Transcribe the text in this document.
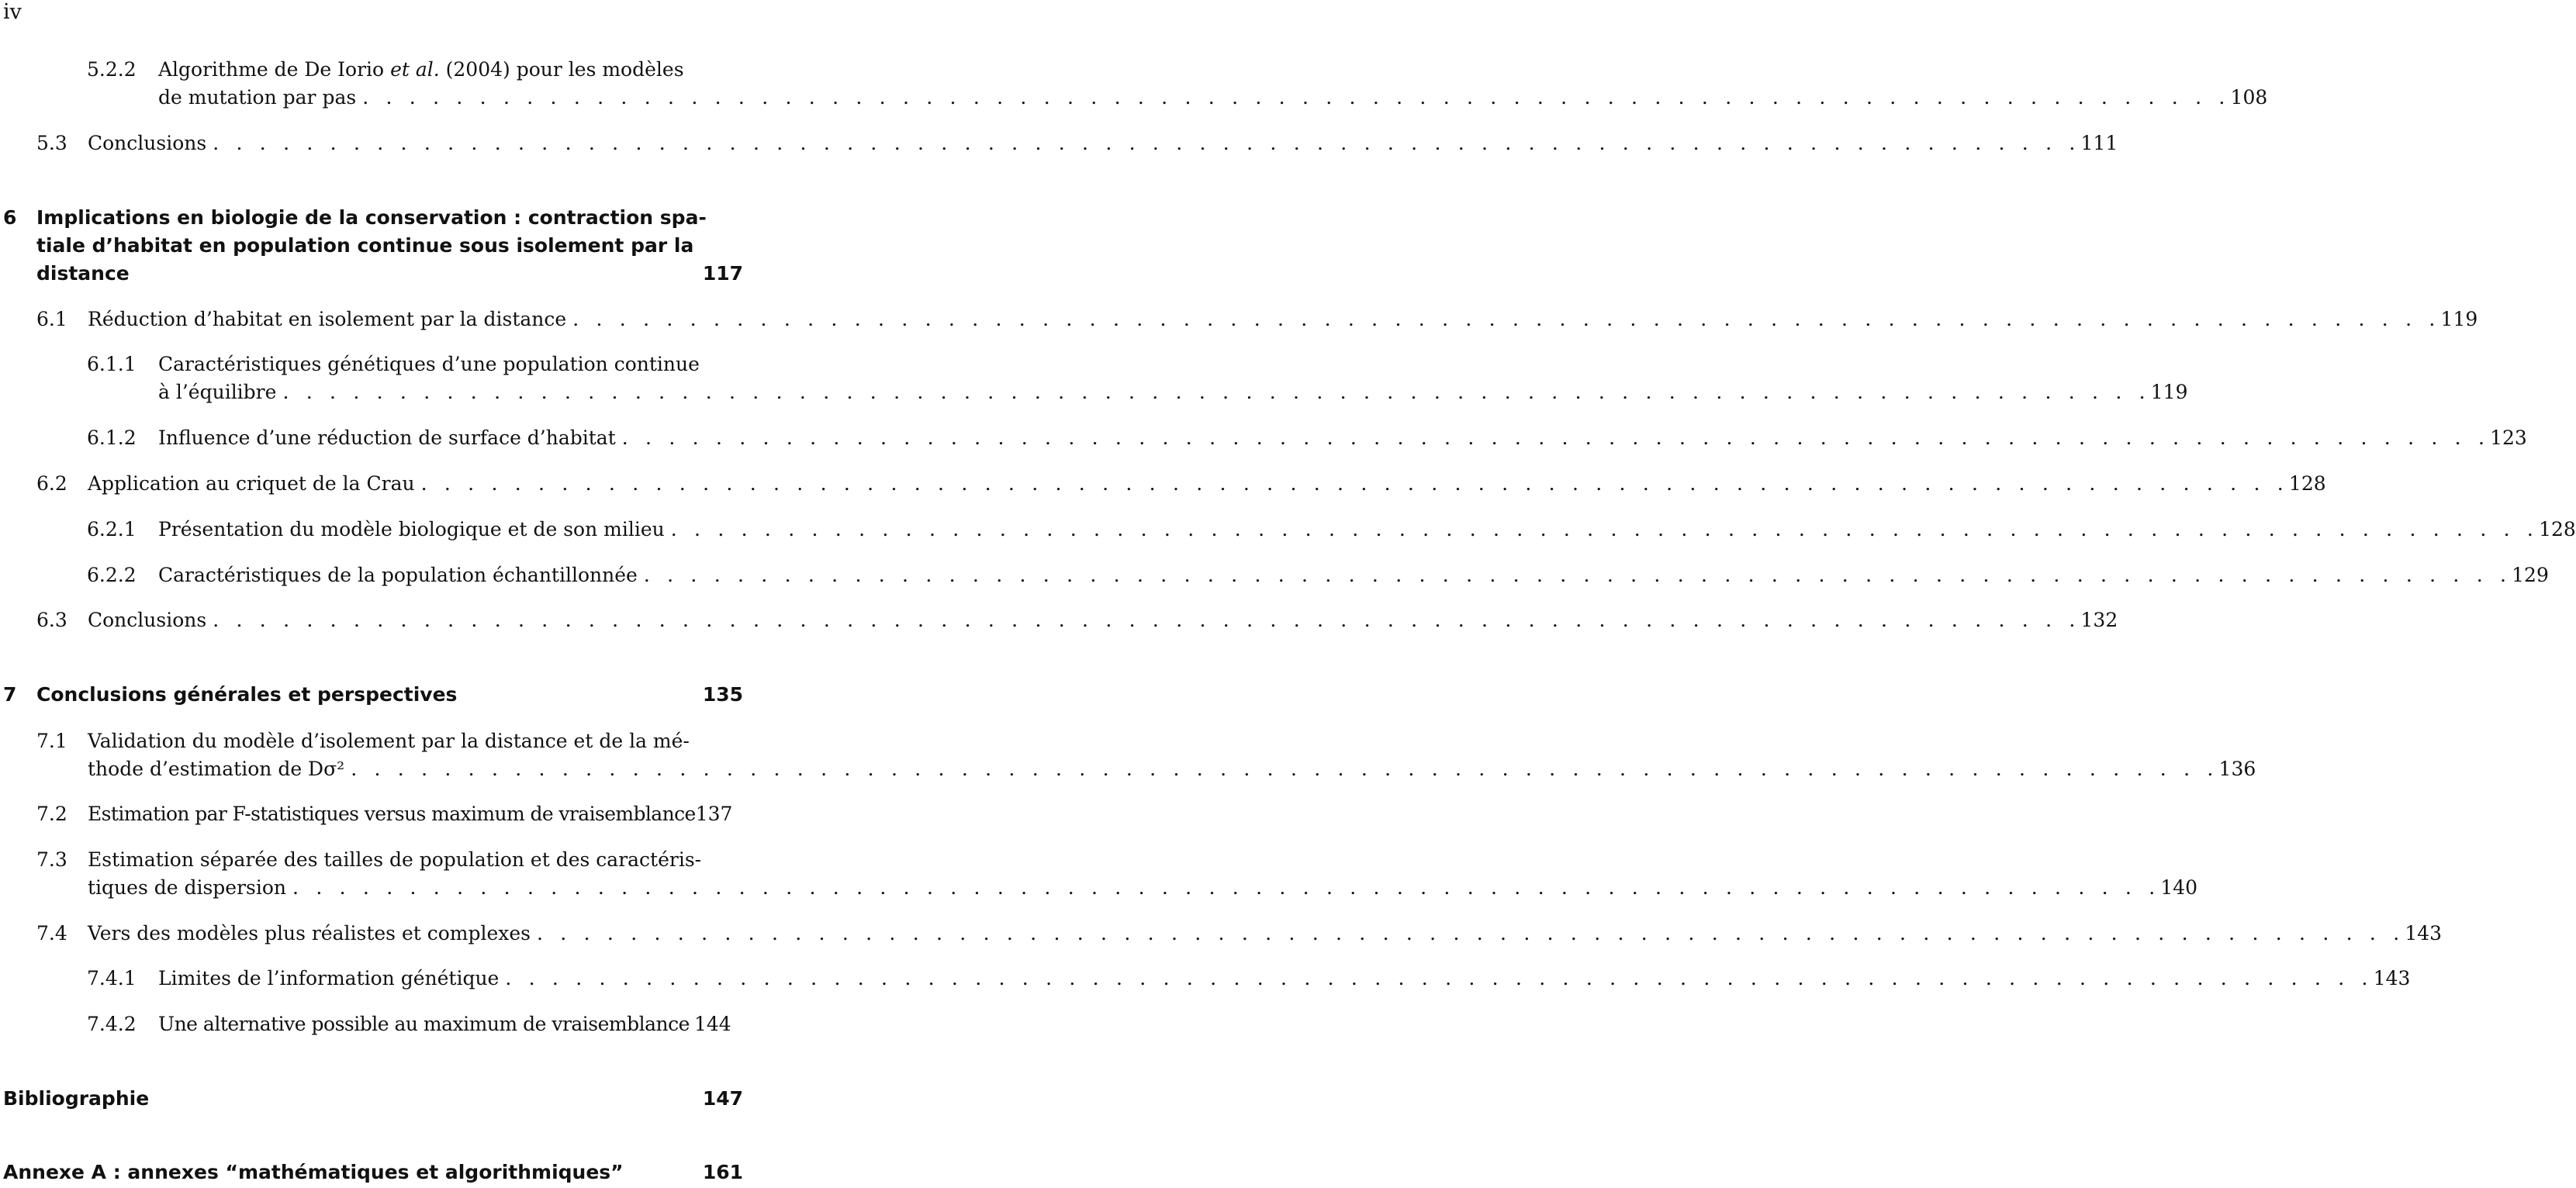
iv
5.2.2 Algorithme de De Iorio et al. (2004) pour les modèles
de mutation par pas . . . . . . . . . . . . . . . . . . . . . . . . . . . . . . . . . . . . . . . . . . . . . . . . . . . . . . . . . . . . . . . . . . . . . . . . . . . . . . . . 108
5.3 Conclusions . . . . . . . . . . . . . . . . . . . . . . . . . . . . . . . . . . . . . . . . . . . . . . . . . . . . . . . . . . . . . . . . . . . . . . . . . . . . . . . . 111
6 Implications en biologie de la conservation : contraction spa-
tiale d’habitat en population continue sous isolement par la
distance	117
6.1 Réduction d’habitat en isolement par la distance . . . . . . . . . . . . . . . . . . . . . . . . . . . . . . . . . . . . . . . . . . . . . . . . . . . . . . . . . . . . . . . . . . . . . . . . . . . . . . . . 119
6.1.1 Caractéristiques génétiques d’une population continue
à l’équilibre . . . . . . . . . . . . . . . . . . . . . . . . . . . . . . . . . . . . . . . . . . . . . . . . . . . . . . . . . . . . . . . . . . . . . . . . . . . . . . . . 119
6.1.2 Influence d’une réduction de surface d’habitat . . . . . . . . . . . . . . . . . . . . . . . . . . . . . . . . . . . . . . . . . . . . . . . . . . . . . . . . . . . . . . . . . . . . . . . . . . . . . . . . 123
6.2 Application au criquet de la Crau . . . . . . . . . . . . . . . . . . . . . . . . . . . . . . . . . . . . . . . . . . . . . . . . . . . . . . . . . . . . . . . . . . . . . . . . . . . . . . . . 128
6.2.1 Présentation du modèle biologique et de son milieu . . . . . . . . . . . . . . . . . . . . . . . . . . . . . . . . . . . . . . . . . . . . . . . . . . . . . . . . . . . . . . . . . . . . . . . . . . . . . . . . 128
6.2.2 Caractéristiques de la population échantillonnée . . . . . . . . . . . . . . . . . . . . . . . . . . . . . . . . . . . . . . . . . . . . . . . . . . . . . . . . . . . . . . . . . . . . . . . . . . . . . . . . 129
6.3 Conclusions . . . . . . . . . . . . . . . . . . . . . . . . . . . . . . . . . . . . . . . . . . . . . . . . . . . . . . . . . . . . . . . . . . . . . . . . . . . . . . . . 132
7 Conclusions générales et perspectives	135
7.1 Validation du modèle d’isolement par la distance et de la mé-
thode d’estimation de Dσ² . . . . . . . . . . . . . . . . . . . . . . . . . . . . . . . . . . . . . . . . . . . . . . . . . . . . . . . . . . . . . . . . . . . . . . . . . . . . . . . . 136
7.2 Estimation par F-statistiques versus maximum de vraisemblance 137
7.3 Estimation séparée des tailles de population et des caractéris-
tiques de dispersion . . . . . . . . . . . . . . . . . . . . . . . . . . . . . . . . . . . . . . . . . . . . . . . . . . . . . . . . . . . . . . . . . . . . . . . . . . . . . . . . 140
7.4 Vers des modèles plus réalistes et complexes . . . . . . . . . . . . . . . . . . . . . . . . . . . . . . . . . . . . . . . . . . . . . . . . . . . . . . . . . . . . . . . . . . . . . . . . . . . . . . . . 143
7.4.1 Limites de l’information génétique . . . . . . . . . . . . . . . . . . . . . . . . . . . . . . . . . . . . . . . . . . . . . . . . . . . . . . . . . . . . . . . . . . . . . . . . . . . . . . . . 143
7.4.2 Une alternative possible au maximum de vraisemblance 144
Bibliographie	147
Annexe A : annexes “mathématiques et algorithmiques”	161
